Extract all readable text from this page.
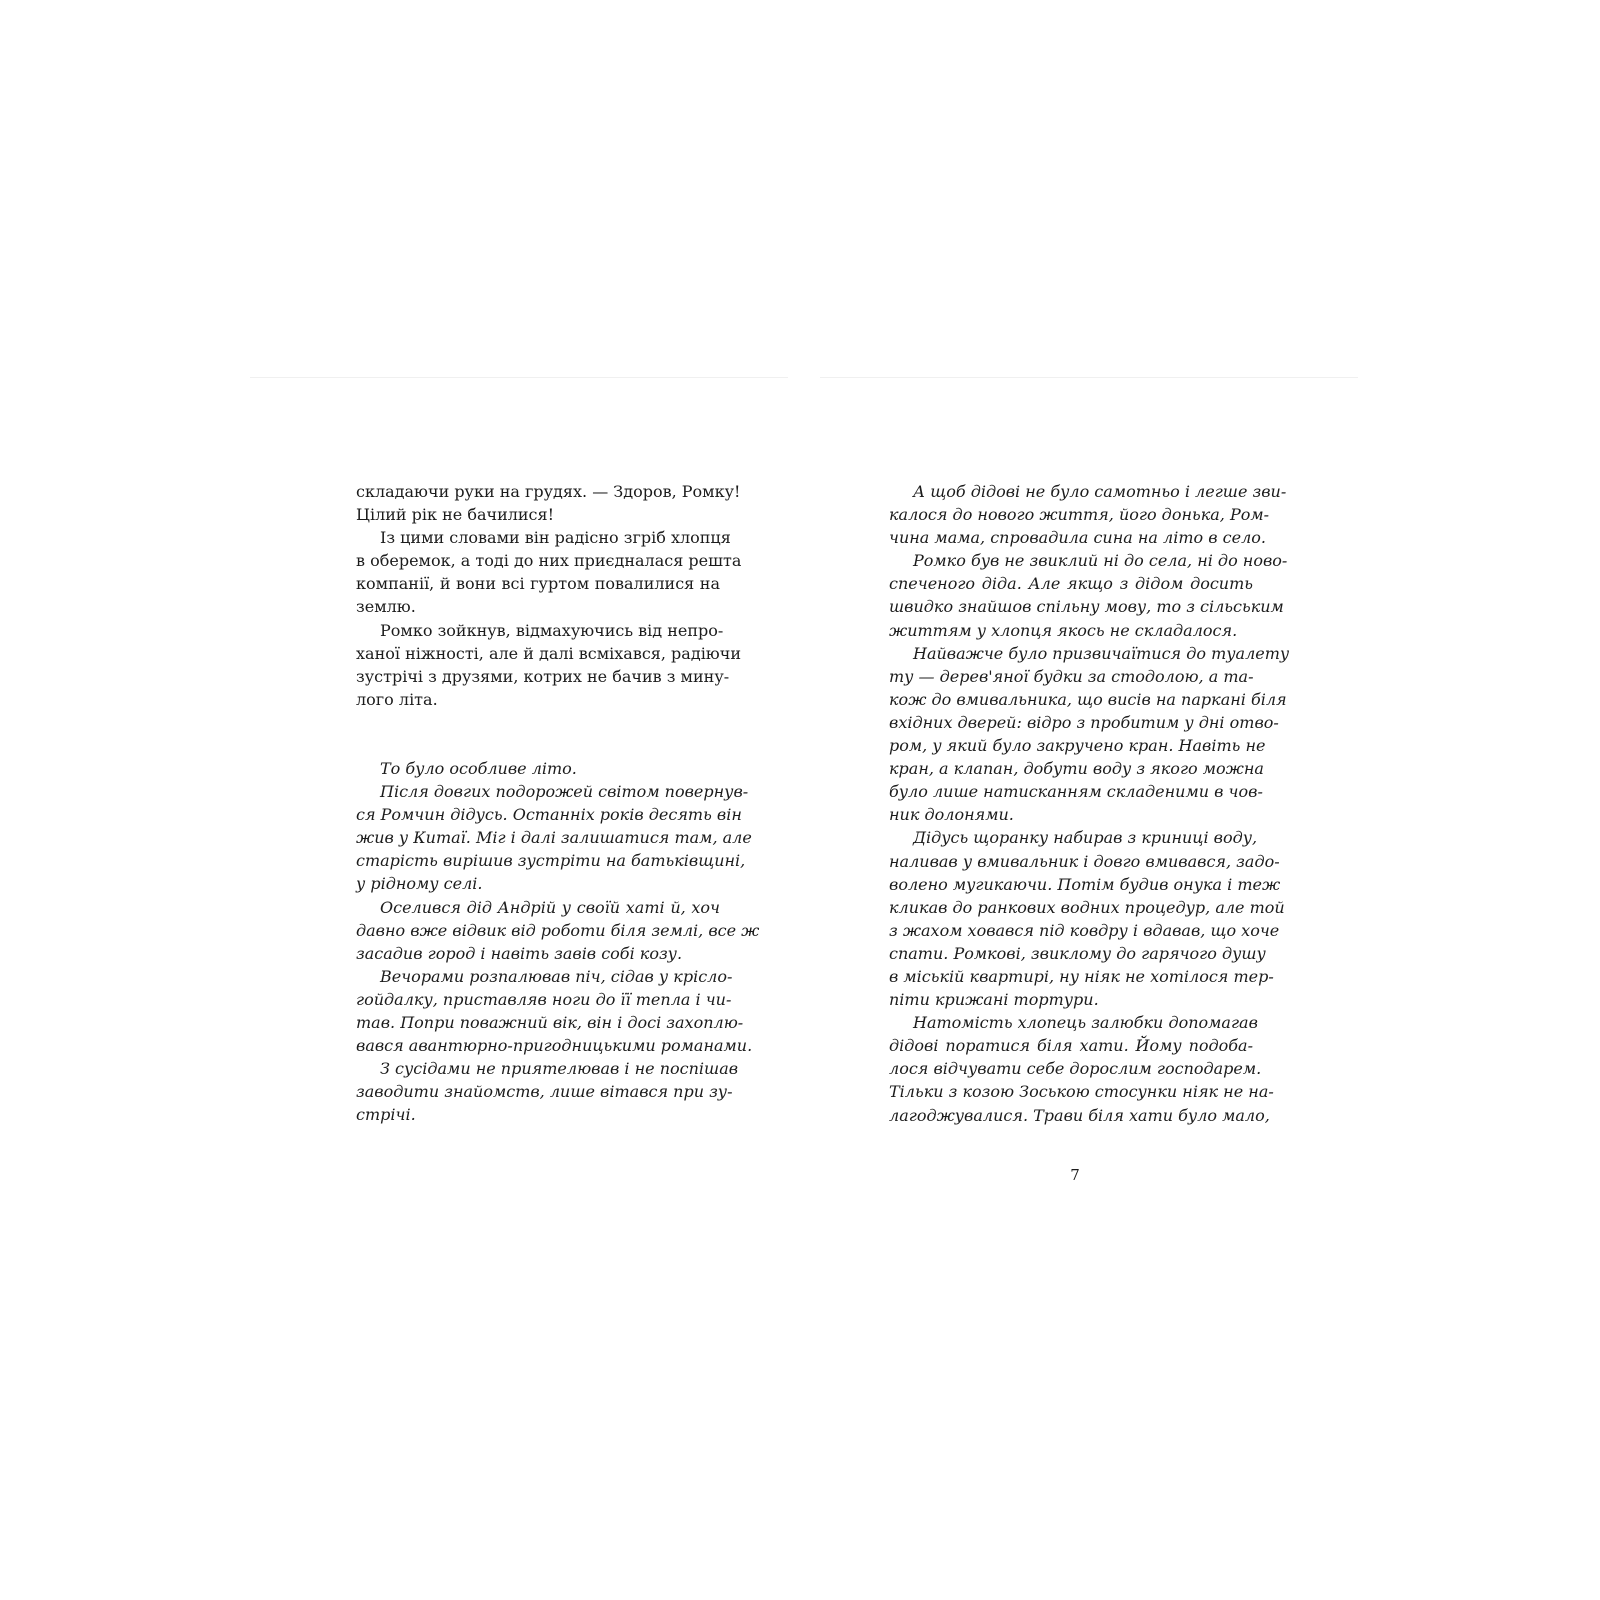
складаючи руки на грудях. — Здоров, Ромку!
Цілий рік не бачилися!
Із цими словами він радісно згріб хлопця
в оберемок, а тоді до них приєдналася решта
компанії, й вони всі гуртом повалилися на
землю.
Ромко зойкнув, відмахуючись від непро-
ханої ніжності, але й далі всміхався, радіючи
зустрічі з друзями, котрих не бачив з мину-
лого літа.
То було особливе літо.
Після довгих подорожей світом повернув-
ся Ромчин дідусь. Останніх років десять він
жив у Китаї. Міг і далі залишатися там, але
старість вирішив зустріти на батьківщині,
у рідному селі.
Оселився дід Андрій у своїй хаті й, хоч
давно вже відвик від роботи біля землі, все ж
засадив город і навіть завів собі козу.
Вечорами розпалював піч, сідав у крісло-
гойдалку, приставляв ноги до її тепла і чи-
тав. Попри поважний вік, він і досі захоплю-
вався авантюрно-пригодницькими романами.
З сусідами не приятелював і не поспішав
заводити знайомств, лише вітався при зу-
стрічі.
А щоб дідові не було самотньо і легше зви-
калося до нового життя, його донька, Ром-
чина мама, спровадила сина на літо в село.
Ромко був не звиклий ні до села, ні до ново-
спеченого діда. Але якщо з дідом досить
швидко знайшов спільну мову, то з сільським
життям у хлопця якось не складалося.
Найважче було призвичаїтися до туалетy
ту — дерев'яної будки за стодолою, а та-
кож до вмивальника, що висів на паркані біля
вхідних дверей: відро з пробитим у дні отво-
ром, у який було закручено кран. Навіть не
кран, а клапан, добути воду з якого можна
було лише натисканням складеними в чов-
ник долонями.
Дідусь щоранку набирав з криниці воду,
наливав у вмивальник і довго вмивався, задо-
волено мугикаючи. Потім будив онука і теж
кликав до ранкових водних процедур, але той
з жахом ховався під ковдру і вдавав, що хоче
спати. Ромкові, звиклому до гарячого душу
в міській квартирі, ну ніяк не хотілося тер-
піти крижані тортури.
Натомість хлопець залюбки допомагав
дідові поратися біля хати. Йому подоба-
лося відчувати себе дорослим господарем.
Тільки з козою Зоською стосунки ніяк не на-
лагоджувалися. Трави біля хати було мало,
7
